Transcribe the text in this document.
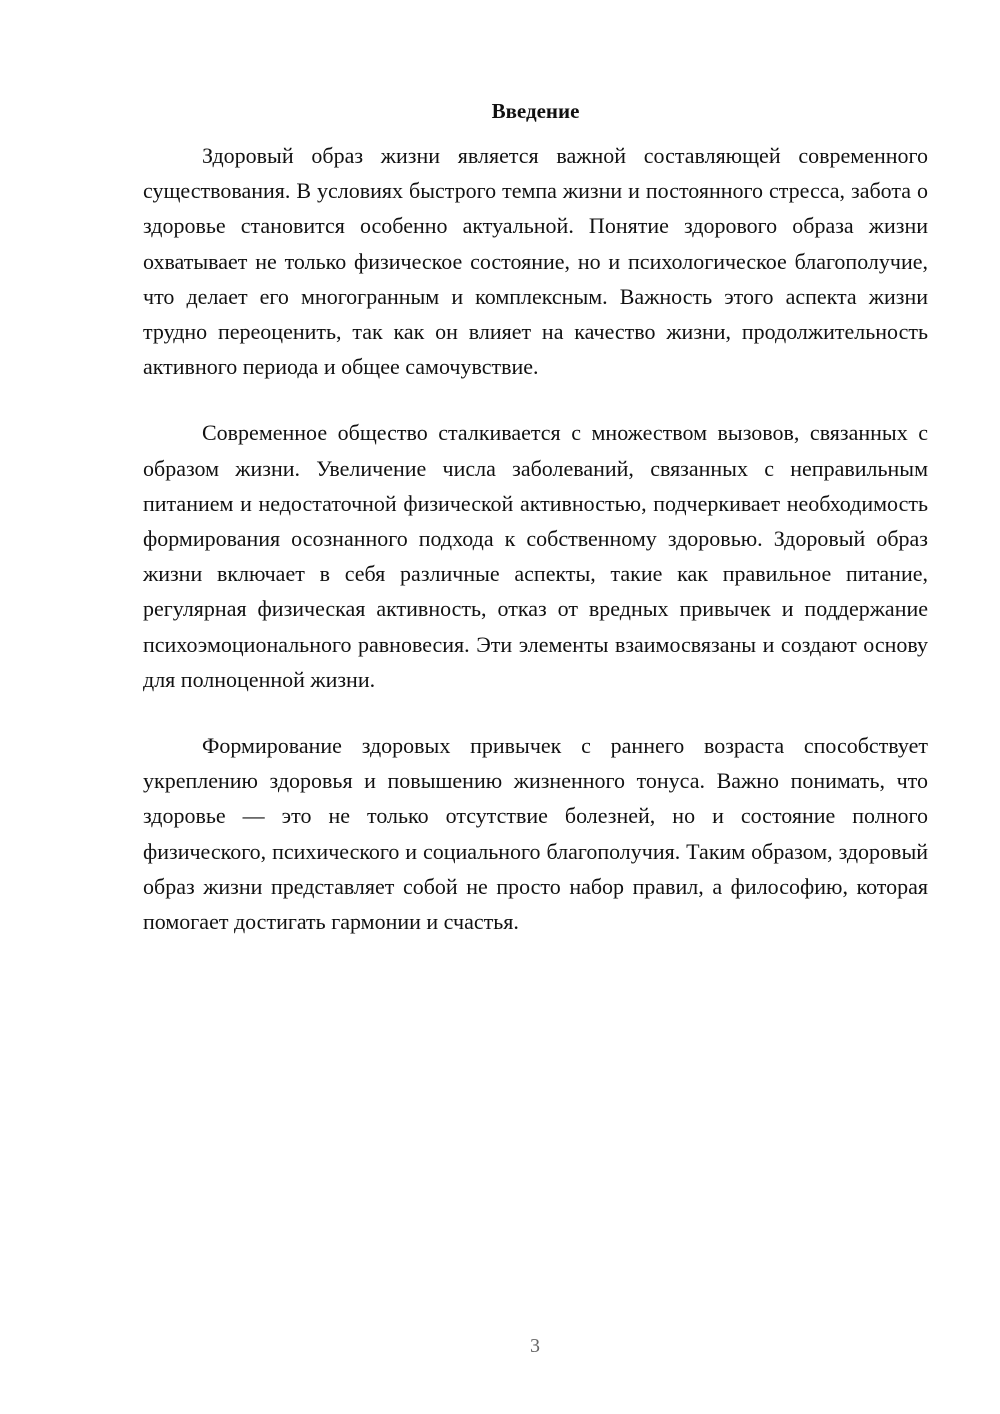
Введение

Здоровый образ жизни является важной составляющей современного существования. В условиях быстрого темпа жизни и постоянного стресса, забота о здоровье становится особенно актуальной. Понятие здорового образа жизни охватывает не только физическое состояние, но и психологическое благополучие, что делает его многогранным и комплексным. Важность этого аспекта жизни трудно переоценить, так как он влияет на качество жизни, продолжительность активного периода и общее самочувствие.

Современное общество сталкивается с множеством вызовов, связанных с образом жизни. Увеличение числа заболеваний, связанных с неправильным питанием и недостаточной физической активностью, подчеркивает необходимость формирования осознанного подхода к собственному здоровью. Здоровый образ жизни включает в себя различные аспекты, такие как правильное питание, регулярная физическая активность, отказ от вредных привычек и поддержание психоэмоционального равновесия. Эти элементы взаимосвязаны и создают основу для полноценной жизни.

Формирование здоровых привычек с раннего возраста способствует укреплению здоровья и повышению жизненного тонуса. Важно понимать, что здоровье — это не только отсутствие болезней, но и состояние полного физического, психического и социального благополучия. Таким образом, здоровый образ жизни представляет собой не просто набор правил, а философию, которая помогает достигать гармонии и счастья.

3
